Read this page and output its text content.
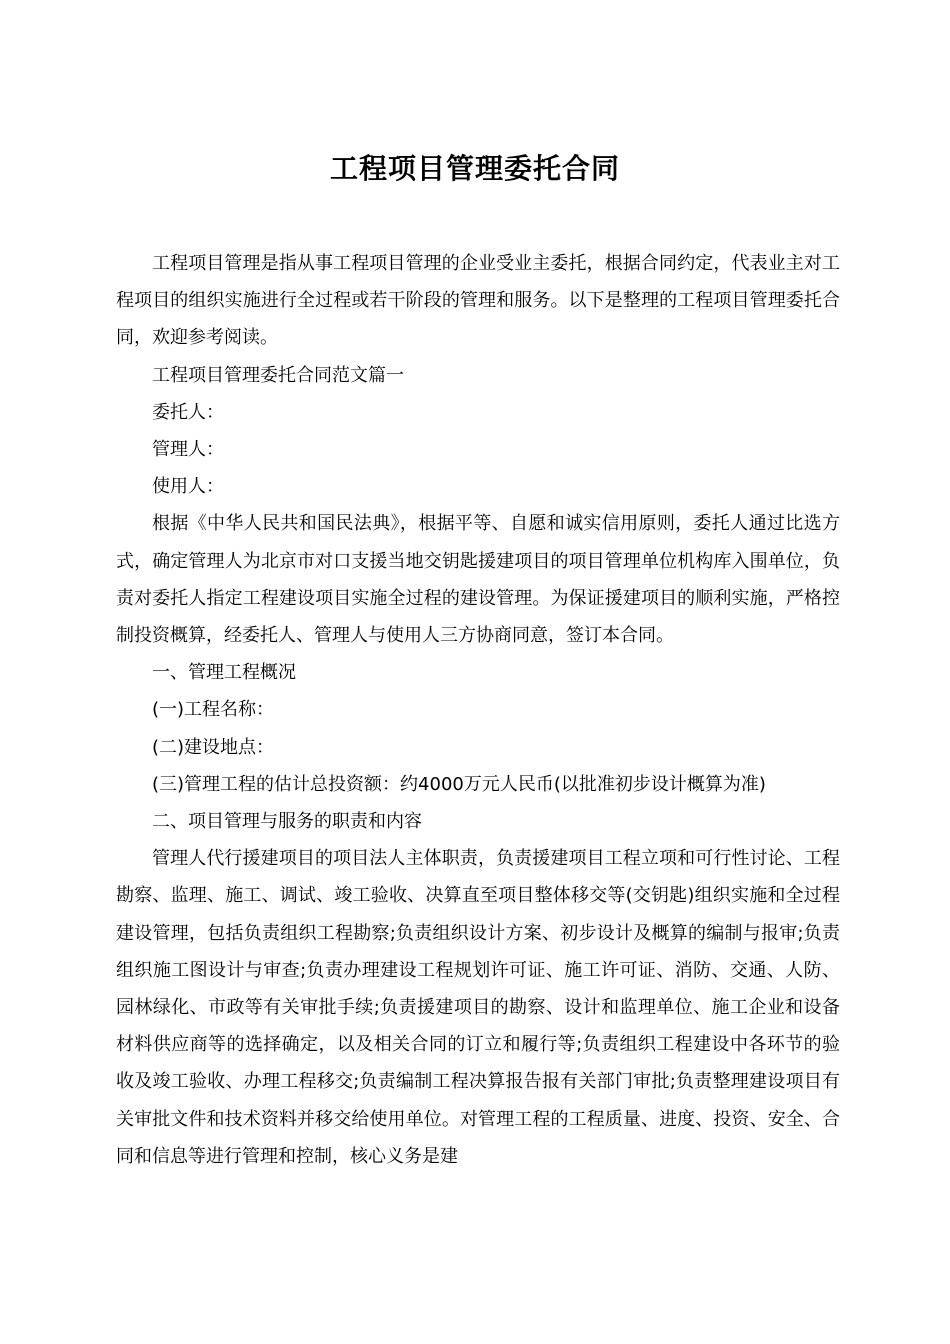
工程项目管理委托合同

工程项目管理是指从事工程项目管理的企业受业主委托，根据合同约定，代表业主对工程项目的组织实施进行全过程或若干阶段的管理和服务。以下是整理的工程项目管理委托合同，欢迎参考阅读。

工程项目管理委托合同范文篇一

委托人：

管理人：

使用人：

根据《中华人民共和国民法典》，根据平等、自愿和诚实信用原则，委托人通过比选方式，确定管理人为北京市对口支援当地交钥匙援建项目的项目管理单位机构库入围单位，负责对委托人指定工程建设项目实施全过程的建设管理。为保证援建项目的顺利实施，严格控制投资概算，经委托人、管理人与使用人三方协商同意，签订本合同。

一、管理工程概况

(一)工程名称：

(二)建设地点：

(三)管理工程的估计总投资额：约4000万元人民币(以批准初步设计概算为准)

二、项目管理与服务的职责和内容

管理人代行援建项目的项目法人主体职责，负责援建项目工程立项和可行性讨论、工程勘察、监理、施工、调试、竣工验收、决算直至项目整体移交等(交钥匙)组织实施和全过程建设管理，包括负责组织工程勘察;负责组织设计方案、初步设计及概算的编制与报审;负责组织施工图设计与审查;负责办理建设工程规划许可证、施工许可证、消防、交通、人防、园林绿化、市政等有关审批手续;负责援建项目的勘察、设计和监理单位、施工企业和设备材料供应商等的选择确定，以及相关合同的订立和履行等;负责组织工程建设中各环节的验收及竣工验收、办理工程移交;负责编制工程决算报告报有关部门审批;负责整理建设项目有关审批文件和技术资料并移交给使用单位。对管理工程的工程质量、进度、投资、安全、合同和信息等进行管理和控制，核心义务是建
